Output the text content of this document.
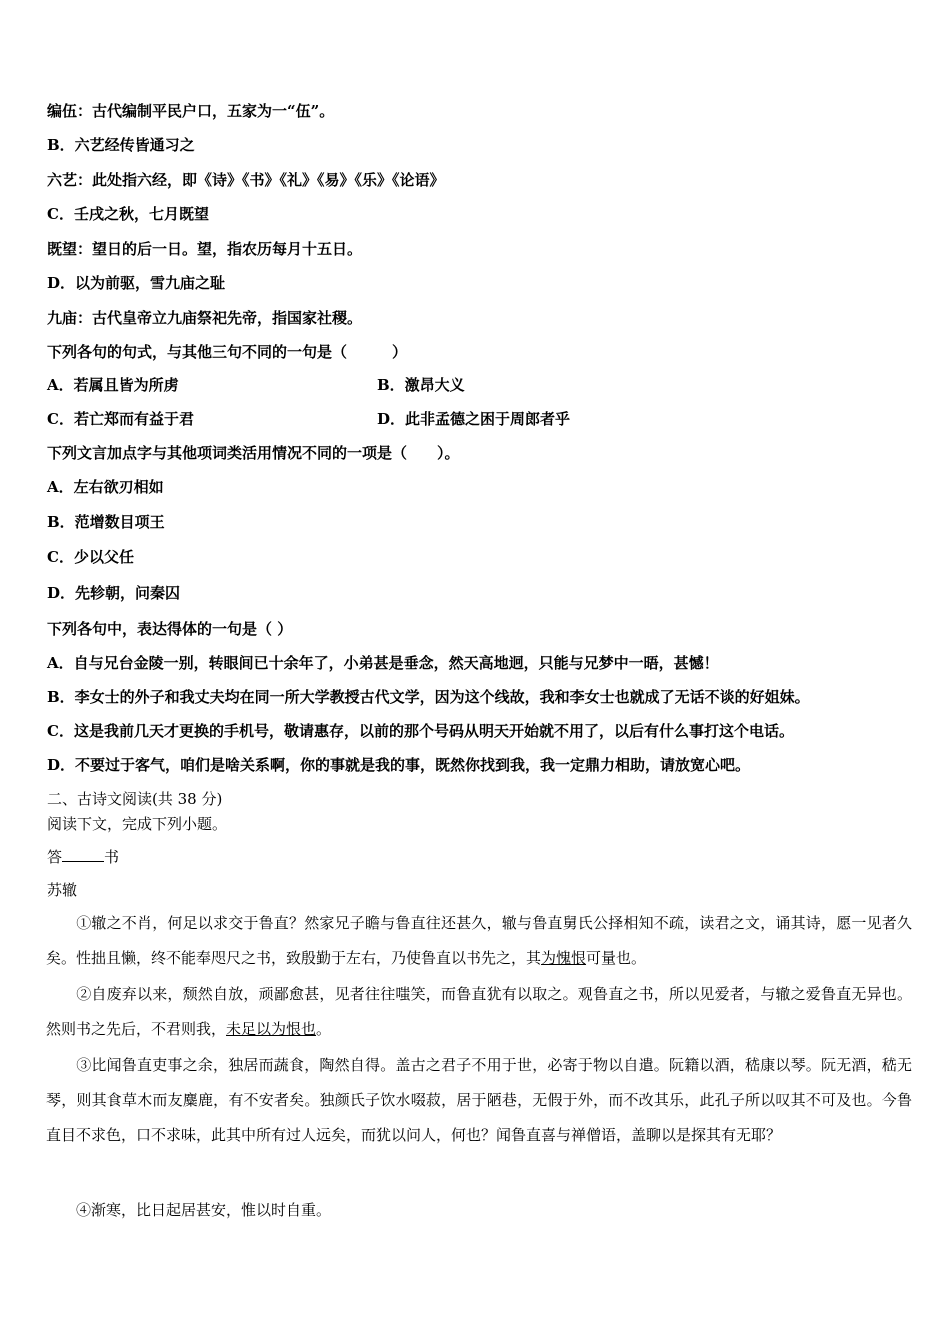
编伍：古代编制平民户口，五家为一“伍”。
B．六艺经传皆通习之
六艺：此处指六经，即《诗》《书》《礼》《易》《乐》《论语》
C．壬戌之秋，七月既望
既望：望日的后一日。望，指农历每月十五日。
D．以为前驱，雪九庙之耻
九庙：古代皇帝立九庙祭祀先帝，指国家社稷。
下列各句的句式，与其他三句不同的一句是（　　　）
A．若属且皆为所虏	B．激昂大义
C．若亡郑而有益于君	D．此非孟德之困于周郎者乎
下列文言加点字与其他项词类活用情况不同的一项是（　　）。
A．左右欲刃相如
B．范增数目项王
C．少以父任
D．先轸朝，问秦囚
下列各句中，表达得体的一句是（ ）
A．自与兄台金陵一别，转眼间已十余年了，小弟甚是垂念，然天高地迥，只能与兄梦中一晤，甚憾！
B．李女士的外子和我丈夫均在同一所大学教授古代文学，因为这个线故，我和李女士也就成了无话不谈的好姐妹。
C．这是我前几天才更换的手机号，敬请惠存，以前的那个号码从明天开始就不用了，以后有什么事打这个电话。
D．不要过于客气，咱们是啥关系啊，你的事就是我的事，既然你找到我，我一定鼎力相助，请放宽心吧。
二、古诗文阅读(共 38 分)
阅读下文，完成下列小题。
答	书
苏辙
①辙之不肖，何足以求交于鲁直？然家兄子瞻与鲁直往还甚久，辙与鲁直舅氏公择相知不疏，读君之文，诵其诗，愿一见者久矣。性拙且懒，终不能奉咫尺之书，致殷勤于左右，乃使鲁直以书先之，其为愧恨可量也。
②自废弃以来，颓然自放，顽鄙愈甚，见者往往嗤笑，而鲁直犹有以取之。观鲁直之书，所以见爱者，与辙之爱鲁直无异也。然则书之先后，不君则我，未足以为恨也。
③比闻鲁直吏事之余，独居而蔬食，陶然自得。盖古之君子不用于世，必寄于物以自遣。阮籍以酒，嵇康以琴。阮无酒，嵇无琴，则其食草木而友麋鹿，有不安者矣。独颜氏子饮水啜菽，居于陋巷，无假于外，而不改其乐，此孔子所以叹其不可及也。今鲁直目不求色，口不求味，此其中所有过人远矣，而犹以问人，何也？闻鲁直喜与禅僧语，盖聊以是探其有无耶？
④渐寒，比日起居甚安，惟以时自重。
